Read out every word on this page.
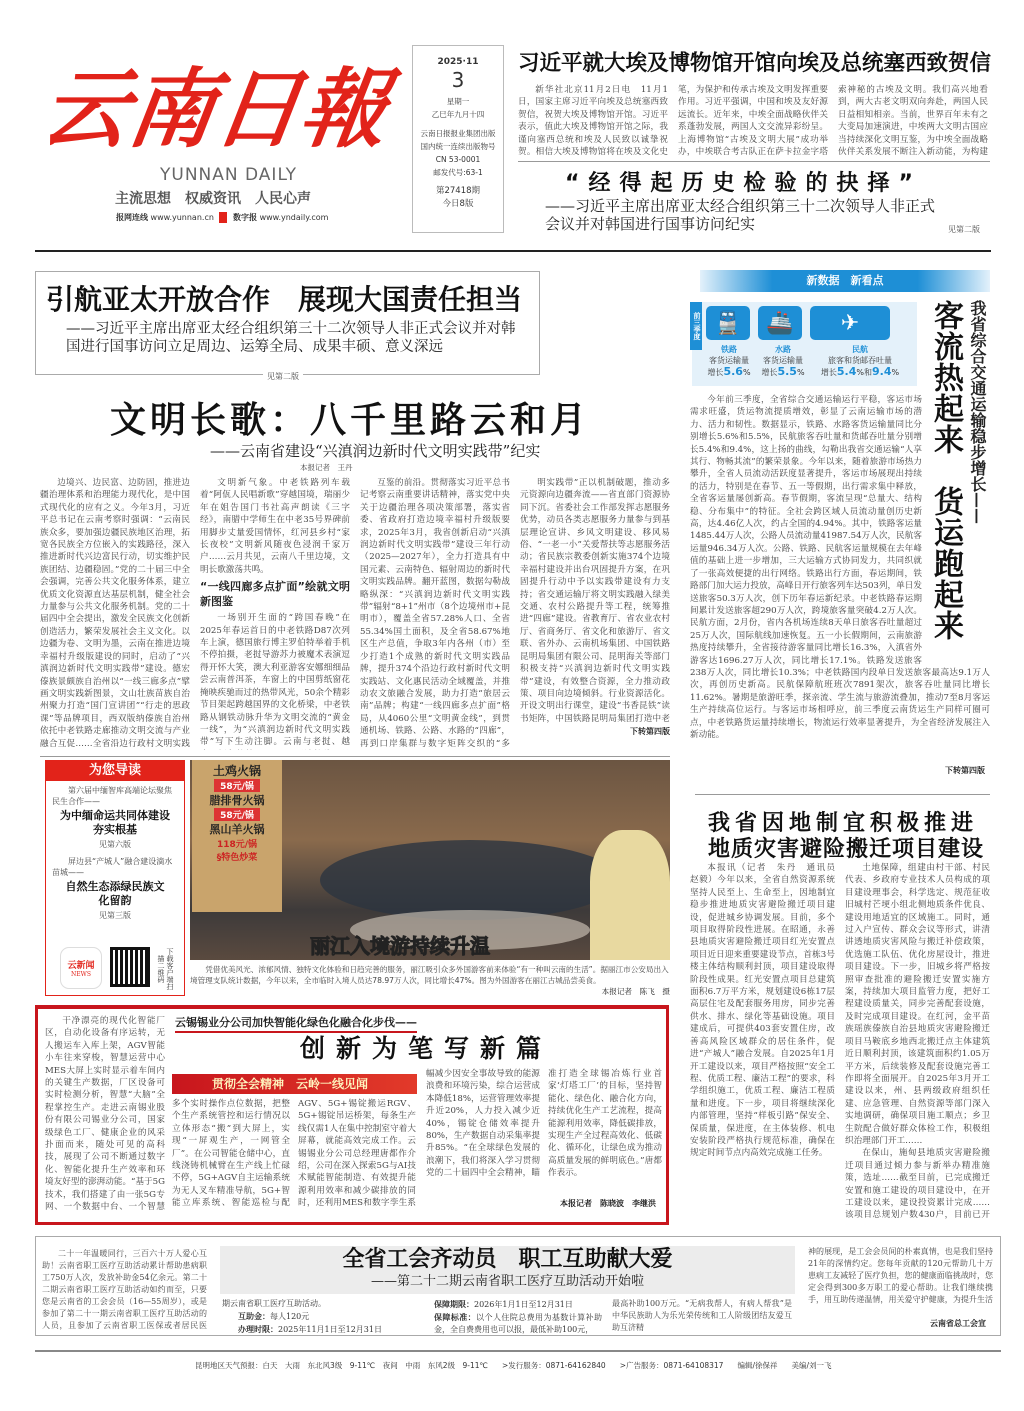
云南日報
YUNNAN DAILY
主流思想　权威资讯　人民心声
报网连线 www.yunnan.cn 数字报 www.yndaily.com
2025·11
3
星期一
乙巳年九月十四
云南日报报业集团出版
国内统一连续出版物号
CN 53-0001
邮发代号:63-1
第27418期
今日8版
习近平就大埃及博物馆开馆向埃及总统塞西致贺信
新华社北京11月2日电　11月1日，国家主席习近平向埃及总统塞西致贺信，祝贺大埃及博物馆开馆。习近平表示，值此大埃及博物馆开馆之际，我谨向塞西总统和埃及人民致以诚挚祝贺。相信大埃及博物馆将在埃及文化史
笔，为保护和传承古埃及文明发挥重要作用。习近平强调，中国和埃及友好源远流长。近年来，中埃全面战略伙伴关系蓬勃发展，两国人文交流异彩纷呈。上海博物馆“古埃及文明大展”成功举办，中埃联合考古队正在萨卡拉金字塔
索神秘的古埃及文明。我们高兴地看到，两大古老文明双向奔赴，两国人民日益相知相亲。当前，世界百年未有之大变局加速演进，中埃两大文明古国应当持续深化文明互鉴，为中埃全面战略伙伴关系发展不断注入新动能，为构建
“经得起历史检验的抉择”
——习近平主席出席亚太经合组织第三十二次领导人非正式会议并对韩国进行国事访问纪实	见第二版
引航亚太开放合作　展现大国责任担当
——习近平主席出席亚太经合组织第三十二次领导人非正式会议并对韩国进行国事访问立足周边、运筹全局、成果丰硕、意义深远
见第二版
文明长歌：八千里路云和月
——云南省建设“兴滇润边新时代文明实践带”纪实
本报记者　王丹

边境兴、边民富、边防固，推进边疆治理体系和治理能力现代化，是中国式现代化的应有之义。今年3月，习近平总书记在云南考察时强调：“云南民族众多，要加强边疆民族地区治理，拓宽各民族全方位嵌入的实践路径，深入推进新时代兴边富民行动，切实维护民族团结、边疆稳固。”党的二十届三中全会强调，完善公共文化服务体系，建立优质文化资源直达基层机制，健全社会力量参与公共文化服务机制。党的二十届四中全会提出，激发全民族文化创新创造活力，繁荣发展社会主义文化。以边疆为卷、文明为墨，云南在推进边境幸福村升级版建设的同时，启动了“兴滇润边新时代文明实践带”建设。德宏傣族景颇族自治州以“一线三廊多点”擘画文明实践新图景，文山壮族苗族自治州聚力打造“国门宣讲团”“行走的思政课”等品牌项目，西双版纳傣族自治州依托中老铁路走廊推动文明交流与产业融合互促……全省沿边行政村文明实践

文明新气象。中老铁路列车载着“阿佤人民唱新歌”穿越国境，瑞丽少年在姐告国门书社高声朗读《三字经》，南腊中学师生在中老35号界碑前用脚步丈量爱国情怀，红河县乡村“家长夜校”文明新风随夜色浸润千家万户……云月共见，云南八千里边境，文明长歌激荡共鸣。

“一线四廊多点扩面”绘就文明新图鉴

一场别开生面的“跨国春晚”在2025年春运首日的中老铁路D87次列车上演，德国旅行博主罗伯特举着手机不停拍摄，老挝导游苏力被魔术表演逗得开怀大笑，澳大利亚游客安娜细细品尝云南普洱茶，车窗上的中国剪纸窗花掩映疾驰而过的热带风光，50余个精彩节目架起跨越国界的文化桥梁，中老铁路从钢铁动脉升华为文明交流的“黄金一线”，为“兴滇润边新时代文明实践带”写下生动注脚。云南与老挝、越

互鉴的前沿。贯彻落实习近平总书记考察云南重要讲话精神，落实党中央关于边疆治理各项决策部署，落实省委、省政府打造边境幸福村升级版要求，2025年3月，我省创新启动“兴滇润边新时代文明实践带”建设三年行动（2025—2027年），全力打造具有中国元素、云南特色、辐射周边的新时代文明实践品牌。翻开蓝图，数据勾勒战略纵深：“兴滇润边新时代文明实践带”辐射“8+1”州市（8个边境州市+昆明市），覆盖全省57.28%人口、全省55.34%国土面积，及全省58.67%地区生产总值，争取3年内各州（市）至少打造1个成熟的新时代文明实践品牌，提升374个沿边行政村新时代文明实践站、文化惠民活动全域覆盖，并推动农文旅融合发展，助力打造“旅居云南”品牌；构建“一线四廊多点扩面”格局，从4060公里“文明黄金线”，到贯通机场、铁路、公路、水路的“四廊”，再到口岸集群与数字矩阵交织的“多

明实践带”正以机制破题，推动多元资源向边疆奔流——省直部门资源协同下沉。省委社会工作部发挥志愿服务优势，动员各类志愿服务力量参与到基层理论宣讲、乡风文明建设、移风易俗、“一老一小”关爱帮扶等志愿服务活动；省民族宗教委创新实施374个边境幸福村建设并出台巩固提升方案，在巩固提升行动中予以实践带建设有力支持；省交通运输厅将文明实践融入绿美交通、农村公路提升等工程，统筹推进“四廊”建设。省教育厅、省农业农村厅、省商务厅、省文化和旅游厅、省文联、省外办、云南机场集团、中国铁路昆明局集团有限公司、昆明海关等部门积极支持“兴滇润边新时代文明实践带”建设，有效整合资源，全力推动政策、项目向边境倾斜。行业资源活化。开设文明出行课堂，建设“书香昆铁”读书矩阵，中国铁路昆明局集团打造中老

下转第四版
新数据　新看点
前三季度 🚆	🚢	✈
铁路
客货运输量
增长5.6%
水路
客货运输量
增长5.5%
民航
旅客和货邮吞吐量
增长5.4%和9.4%

今年前三季度，全省综合交通运输运行平稳，客运市场需求旺盛，货运物流提质增效，彰显了云南运输市场的潜力、活力和韧性。数据显示，铁路、水路客货运输量同比分别增长5.6%和5.5%，民航旅客吞吐量和货邮吞吐量分别增长5.4%和9.4%，这上扬的曲线，勾勒出我省交通运输“人享其行、物畅其流”的繁荣景象。今年以来，随着旅游市场热力攀升，全省人员流动活跃度显著提升，客运市场展现出持续的活力，特别是在春节、五一等假期，出行需求集中释放，全省客运量屡创新高。春节假期，客流呈现“总量大、结构稳、分布集中”的特征。全社会跨区域人员流动量创历史新高，达4.46亿人次，约占全国的4.94%。其中，铁路客运量1485.44万人次，公路人员流动量41987.54万人次，民航客运量946.34万人次。公路、铁路、民航客运量规模在去年峰值的基础上进一步增加，三大运输方式协同发力，共同织就了一张高效便捷的出行网络。铁路出行方面，春运期间，铁路部门加大运力投放，高峰日开行旅客列车达503列，单日发送旅客50.3万人次，创下历年春运新纪录。中老铁路春运期间累计发送旅客超290万人次，跨境旅客量突破4.2万人次。民航方面，2月份，省内各机场连续8天单日旅客吞吐量超过25万人次，国际航线加速恢复。五一小长假期间，云南旅游热度持续攀升，全省接待游客量同比增长16.3%，入滇省外游客达1696.27万人次，同比增长17.1%。铁路发送旅客238万人次，同比增长10.3%；中老铁路国内段单日发送旅客最高达9.1万人次，再创历史新高。民航保障航班班次7891架次，旅客吞吐量同比增长11.62%。暑期是旅游旺季，探亲流、学生流与旅游流叠加，推动7至8月客运生产持续高位运行。与客运市场相呼应，前三季度云南货运生产同样可圈可点，中老铁路货运量持续增长，物流运行效率显著提升，为全省经济发展注入新动能。

客流热起来　货运跑起来 我省综合交通运输稳步增长——
下转第四版
我省因地制宜积极推进
地质灾害避险搬迁项目建设

本报讯（记者　朱丹　通讯员　赵毅）今年以来，全省自然资源系统坚持人民至上、生命至上，因地制宜稳步推进地质灾害避险搬迁项目建设，促进城乡协调发展。目前，多个项目取得阶段性进展。在昭通，永善县地质灾害避险搬迁项目红光安置点项目近日迎来重要建设节点，首栋3号楼主体结构顺利封顶，项目建设取得阶段性成果。红光安置点项目总建筑面积6.7万平方米，规划建设6栋17层高层住宅及配套服务用房，同步完善供水、排水、绿化等基础设施。项目建成后，可提供403套安置住房，改善高风险区域群众的居住条件，促进“产城人”融合发展。自2025年1月开工建设以来，项目严格按照“安全工程、优质工程、廉洁工程”的要求，科学组织施工，优质工程、廉洁工程质量和进度。下一步，项目将继续深化内部管理，坚持“样板引路”保安全、保质量，保进度，在主体装修、机电安装阶段严格执行规范标准，确保在规定时间节点内高效完成施工任务。

土地保障，组建由村干部、村民代表、乡政府专业技术人员构成的项目建设理事会，科学选定、规范征收旧城村芒埂小组北侧地质条件优良、建设用地适宜的区域施工。同时，通过入户宣传、群众会议等形式，讲清讲透地质灾害风险与搬迁补偿政策，优选施工队伍、优化房屋设计，推进项目建设。下一步，旧城乡将严格按照审查批准的避险搬迁安置实施方案，持续加大项目监管力度，把好工程建设质量关，同步完善配套设施，及时完成项目建设。在红河，金平苗族瑶族傣族自治县地质灾害避险搬迁项目马鞍底乡地西北搬迁点主体建筑近日顺利封顶，该建筑面积约1.05万平方米，后续装修及配套设施完善工作即将全面展开。自2025年3月开工建设以来，州、县两级政府组织任建、应急管理、自然资源等部门深入实地调研，确保项目施工顺点；乡卫生院配合做好群众体检工作，积极组织治理部门开工……

在保山，施甸县地质灾害避险搬迁项目通过倾力参与新举办精准施策，选址……截至目前，已完成搬迁安置和施工建设的项目建设中，在开工建设以来，建设投资累计完成……该项目总规划户数430户，目前已开

为您导读
第六届中缅智库高端论坛聚焦民生合作——
为中缅命运共同体建设夯实根基
见第六版
屏边县“产城人”融合建设滴水苗城——
自然生态添绿民族文化留韵
见第三版
云新闻
NEWS	下载客户端扫描二维码
土鸡火锅
58元/锅
腊排骨火锅
58元/锅
黑山羊火锅
118元/锅
§特色炒菜
丽江入境游持续升温
凭借优美风光、浓郁风情、独特文化体验和日趋完善的服务，丽江吸引众多外国游客前来体验“有一种叫云南的生活”。据丽江市公安局出入境管理支队统计数据，今年以来，全市临时入境人员达78.97万人次，同比增长47%。图为外国游客在丽江古城品尝美食。
本报记者　陈飞　摄

干净漂亮的现代化智能厂区，自动化设备有序运转，无人搬运车入库上架，AGV智能小车往来穿梭，智慧运营中心MES大屏上实时显示着车间内的关键生产数据，厂区设备可实时检测分析，智慧“大脑”全程掌控生产。走进云南锡业股份有限公司锡业分公司，国家级绿色工厂、健康企业的风采扑面而来，随处可见的高科技，展现了公司不断通过数字化、智能化提升生产效率和环境友好型的澎湃动能。“基于5G技术，我们搭建了由一张5G专网、一个数据中台、一个智慧

云锡锡业分公司加快智能化绿色化融合化步伐——
创新为笔写新篇
贯彻全会精神　云岭一线见闻

多个实时操作点位数据，把整个生产系统管控和运行情况以立体形态“搬”到大屏上，实现“一屏观生产，一网管全厂”。在公司智能仓储中心，直线浇铸机械臂在生产线上忙碌不停，5G+AGV自主运输系统为无人叉车精准导航，5G+智能立库系统、智能巡检与配

AGV、5G+锡锭搬运RGV、5G+锡锭吊运桥架，每条生产线仅需1人在集中控制室守着大屏幕，就能高效完成工作。云锡锡业分公司总经理唐都作介绍，公司在深入探索5G与AI技术赋能智能制造、有效提升能源利用效率和减少碳排放的同时，还利用MES和数字孪生系

幅减少因安全事故导致的能源浪费和环境污染，综合运营成本降低18%，运营管理效率提升近20%，人力投入减少近40%，锡锭仓储效率提升80%，生产数据自动采集率提升85%。“在全球绿色发展的浪潮下，我们将深入学习贯彻党的二十届四中全会精神，瞄准打造全球锡冶炼行业首家‘灯塔工厂’的目标，坚持智能化、绿色化、融合化方向，持续优化生产工艺流程，提高能源利用效率，降低碳排放，实现生产全过程高效化、低碳化、循环化，让绿色成为推动高质量发展的鲜明底色。”唐都作表示。

本报记者　陈晓波　李继洪
二十一年温暖同行，三百六十万人爱心互助！云南省职工医疗互助活动累计帮助患病职工750万人次，发放补助金54亿余元。第二十二期云南省职工医疗互助活动如约而至，只要您是云南省的工会会员（16—55周岁），或是参加了第二十一期云南省职工医疗互助活动的人员，且参加了云南省职工医保或者居民医
全省工会齐动员　职工互助献大爱
——第二十二期云南省职工医疗互助活动开始啦
期云南省职工医疗互助活动。
互助金：每人120元
办理时限：2025年11月1日至12月31日
保障期限：2026年1月1日至12月31日
保障标准：以个人住院总费用为基数计算补助金，全自费费用也可以报，最低补助100元，
最高补助100万元。“无病我帮人，有病人帮我”是中华民族助人为乐光荣传统和工人阶级团结友爱互助互济精
神的展现，是工会会员间的朴素真情，也是我们坚持21年的深情约定。您每年贡献的120元帮助几十万患病工友减轻了医疗负担，您的健康面临挑战时，您定会得到300多万职工的爱心帮助。让我们继续携手，用互助传递温情，用关爱守护健康，为提升生活
云南省总工会宣
昆明地区天气预报：白天　大雨　东北风3级　9-11℃　夜间　中雨　东风2级　9-11℃ >发行服务：0871-64162840 >广告服务：0871-64108317 编辑/徐保祥 美编/刘一飞
